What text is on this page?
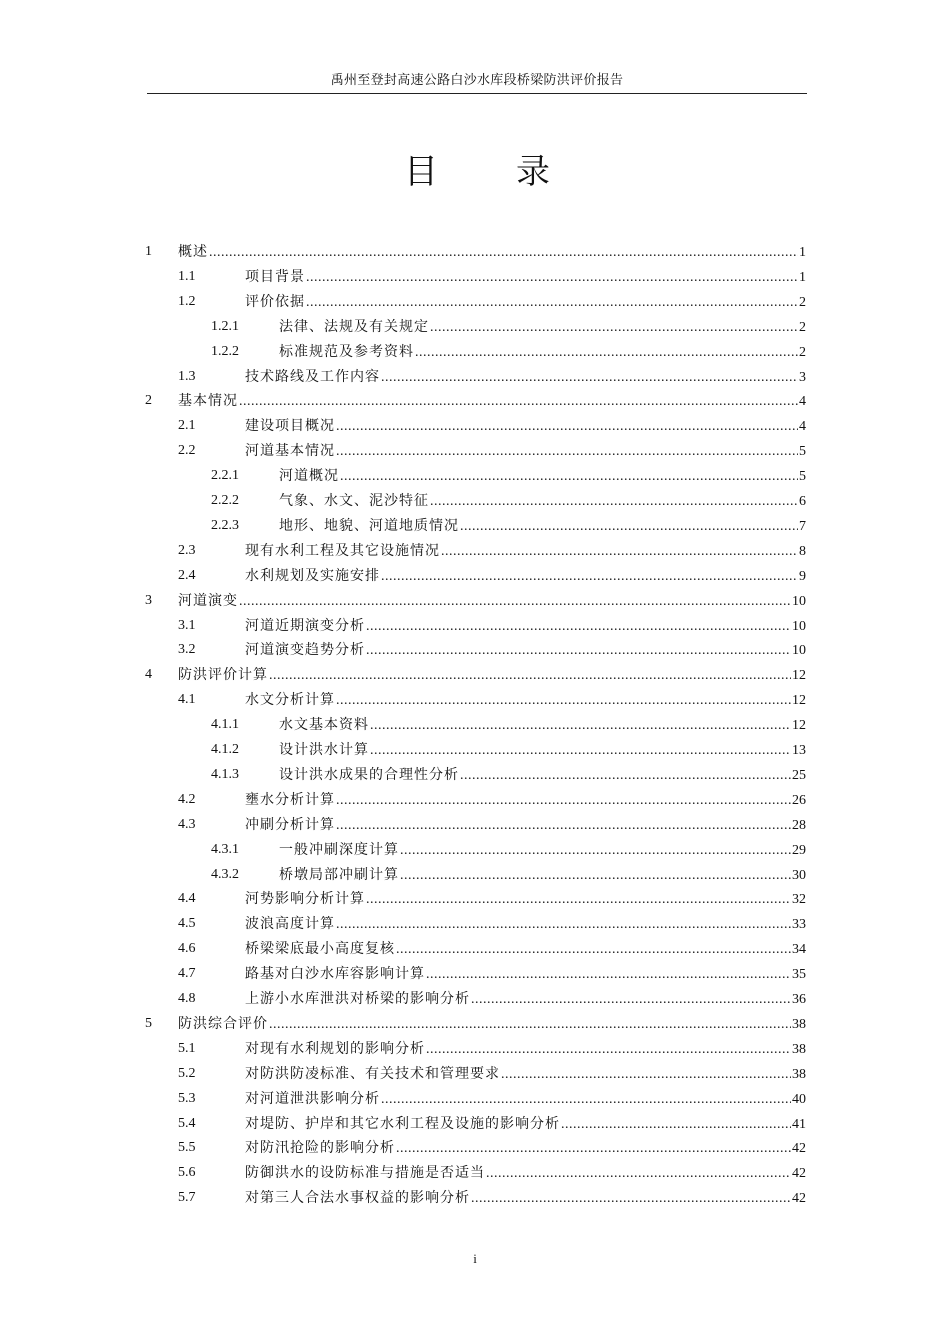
禹州至登封高速公路白沙水库段桥梁防洪评价报告
目录
1 概述 .....	1
1.1	项目背景 .....	1
1.2	评价依据 .....	2
1.2.1	法律、法规及有关规定 .....	2
1.2.2	标准规范及参考资料 .....	2
1.3	技术路线及工作内容 .....	3
2 基本情况 .....	4
2.1	建设项目概况 .....	4
2.2	河道基本情况 .....	5
2.2.1	河道概况 .....	5
2.2.2	气象、水文、泥沙特征 .....	6
2.2.3	地形、地貌、河道地质情况 .....	7
2.3	现有水利工程及其它设施情况 .....	8
2.4	水利规划及实施安排 .....	9
3 河道演变 .....	10
3.1	河道近期演变分析 .....	10
3.2	河道演变趋势分析 .....	10
4 防洪评价计算 .....	12
4.1	水文分析计算 .....	12
4.1.1	水文基本资料 .....	12
4.1.2	设计洪水计算 .....	13
4.1.3	设计洪水成果的合理性分析 .....	25
4.2	壅水分析计算 .....	26
4.3	冲刷分析计算 .....	28
4.3.1	一般冲刷深度计算 .....	29
4.3.2	桥墩局部冲刷计算 .....	30
4.4	河势影响分析计算 .....	32
4.5	波浪高度计算 .....	33
4.6	桥梁梁底最小高度复核 .....	34
4.7	路基对白沙水库容影响计算 .....	35
4.8	上游小水库泄洪对桥梁的影响分析 .....	36
5 防洪综合评价 .....	38
5.1	对现有水利规划的影响分析 .....	38
5.2	对防洪防凌标准、有关技术和管理要求 .....	38
5.3	对河道泄洪影响分析 .....	40
5.4	对堤防、护岸和其它水利工程及设施的影响分析 .....	41
5.5	对防汛抢险的影响分析 .....	42
5.6	防御洪水的设防标准与措施是否适当 .....	42
5.7	对第三人合法水事权益的影响分析 .....	42
i
